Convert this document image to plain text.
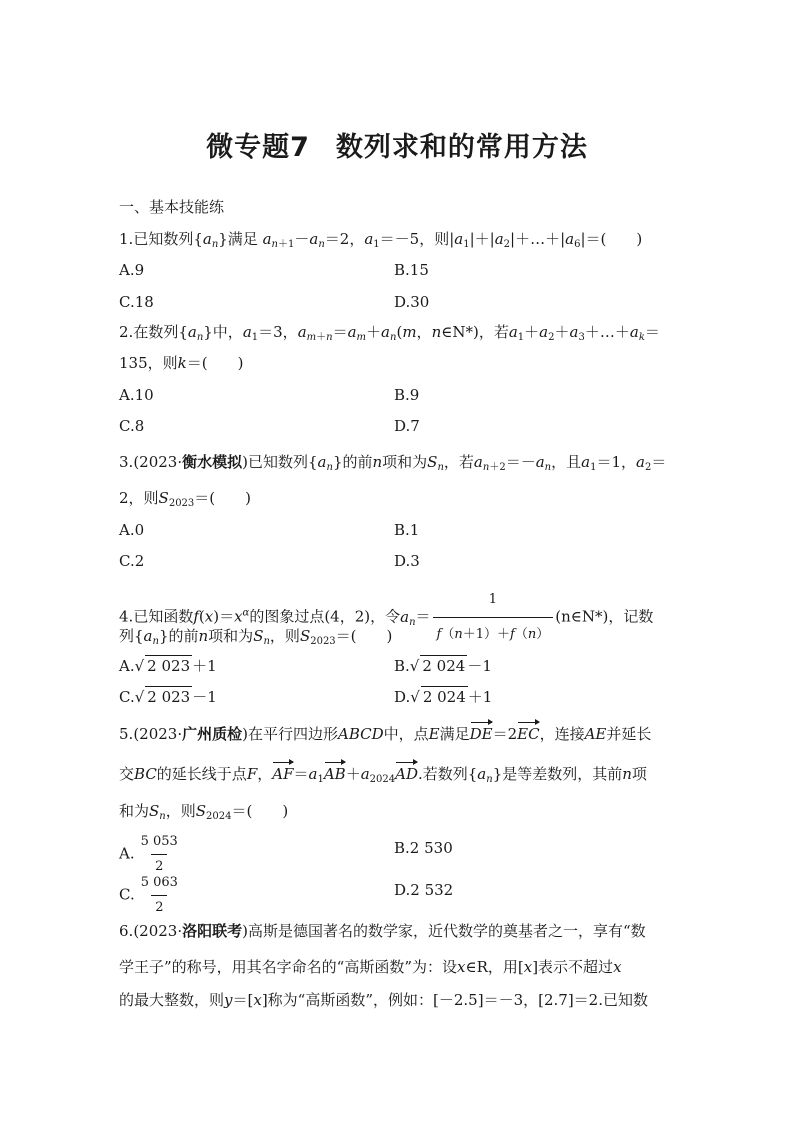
微专题7 数列求和的常用方法
一、基本技能练
1.已知数列$\{a_n\}$满足 $a_{n+1}-a_n=2$，$a_1=-5$，则$|a_1|+|a_2|+\dots+|a_6|=$(　　)
A.9	B.15
C.18	D.30
2.在数列$\{a_n\}$中，$a_1=3$，$a_{m+n}=a_m+a_n(m$，n∈N*)，若$a_1+a_2+a_3+\dots+a_k=$
135，则k＝(　　)
A.10	B.9
C.8	D.7
3.(2023·衡水模拟)已知数列$\{a_n\}$的前n项和为$S_n$，若$a_{n+2}=-a_n$，且$a_1=1$，$a_2=$
2，则$S_{2023}=$(　　)
A.0	B.1
C.2	D.3
4.已知函数$f(x)=x^\alpha$的图象过点(4，2)，令$a_n= \frac{1}{f(n+1)+f(n)}$ (n∈N*)，记数
列$\{a_n\}$的前n项和为$S_n$，则$S_{2023}=$(　　)
A.√ 2 023 ＋1	B.√ 2 024 －1
C.√ 2 023 －1	D.√ 2 024 ＋1
5.(2023·广州质检)在平行四边形ABCD中，点E满足DE＝2EC，连接AE并延长
交BC的延长线于点F，$AF=a_1AB+a_{2024}AD$.若数列$\{a_n\}$是等差数列，其前n项
和为$S_n$，则$S_{2024}=$(　　)
A. $\frac{5 053}{2}$	B.2 530
C. $\frac{5 063}{2}$	D.2 532
6.(2023·洛阳联考)高斯是德国著名的数学家，近代数学的奠基者之一，享有“数
学王子”的称号，用其名字命名的“高斯函数”为：设x∈R，用[x]表示不超过x
的最大整数，则y＝[x]称为“高斯函数”，例如：[－2.5]＝－3，[2.7]＝2.已知数
